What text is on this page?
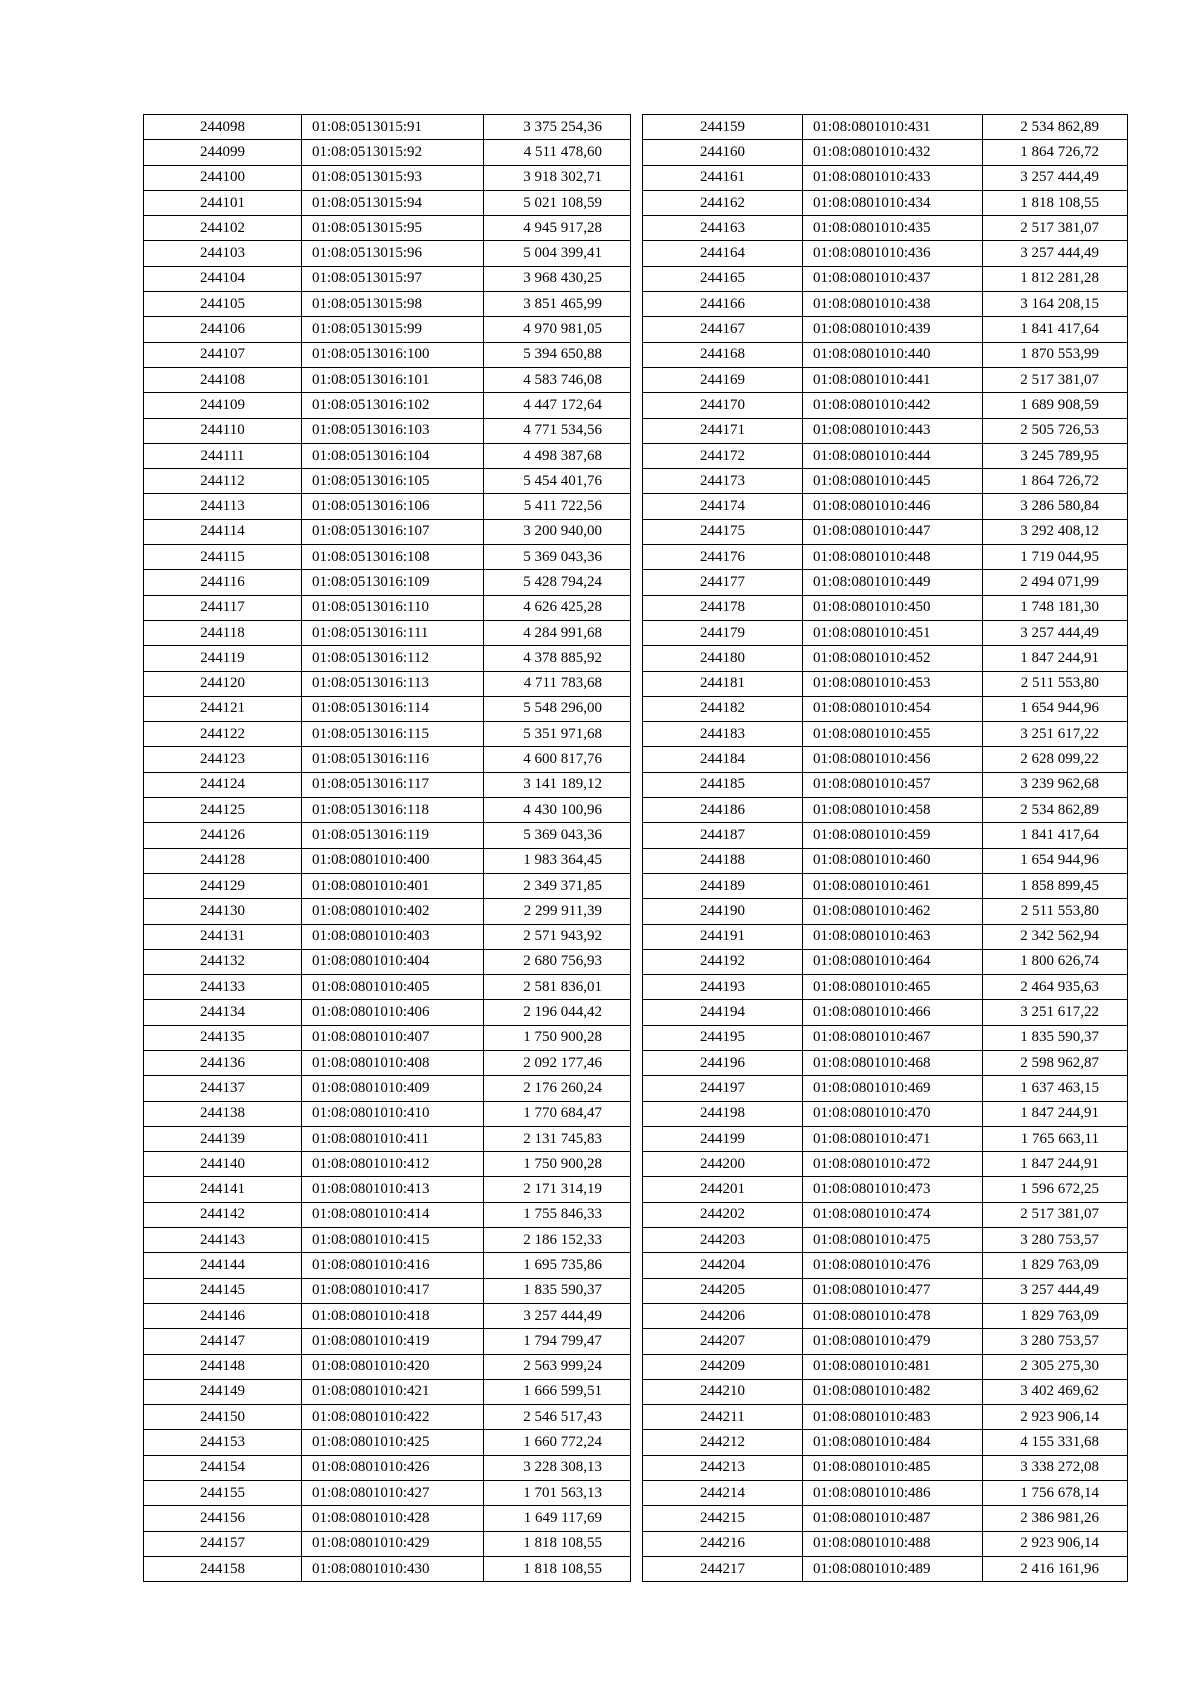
244098	01:08:0513015:91	3 375 254,36
244099	01:08:0513015:92	4 511 478,60
244100	01:08:0513015:93	3 918 302,71
244101	01:08:0513015:94	5 021 108,59
244102	01:08:0513015:95	4 945 917,28
244103	01:08:0513015:96	5 004 399,41
244104	01:08:0513015:97	3 968 430,25
244105	01:08:0513015:98	3 851 465,99
244106	01:08:0513015:99	4 970 981,05
244107	01:08:0513016:100	5 394 650,88
244108	01:08:0513016:101	4 583 746,08
244109	01:08:0513016:102	4 447 172,64
244110	01:08:0513016:103	4 771 534,56
244111	01:08:0513016:104	4 498 387,68
244112	01:08:0513016:105	5 454 401,76
244113	01:08:0513016:106	5 411 722,56
244114	01:08:0513016:107	3 200 940,00
244115	01:08:0513016:108	5 369 043,36
244116	01:08:0513016:109	5 428 794,24
244117	01:08:0513016:110	4 626 425,28
244118	01:08:0513016:111	4 284 991,68
244119	01:08:0513016:112	4 378 885,92
244120	01:08:0513016:113	4 711 783,68
244121	01:08:0513016:114	5 548 296,00
244122	01:08:0513016:115	5 351 971,68
244123	01:08:0513016:116	4 600 817,76
244124	01:08:0513016:117	3 141 189,12
244125	01:08:0513016:118	4 430 100,96
244126	01:08:0513016:119	5 369 043,36
244128	01:08:0801010:400	1 983 364,45
244129	01:08:0801010:401	2 349 371,85
244130	01:08:0801010:402	2 299 911,39
244131	01:08:0801010:403	2 571 943,92
244132	01:08:0801010:404	2 680 756,93
244133	01:08:0801010:405	2 581 836,01
244134	01:08:0801010:406	2 196 044,42
244135	01:08:0801010:407	1 750 900,28
244136	01:08:0801010:408	2 092 177,46
244137	01:08:0801010:409	2 176 260,24
244138	01:08:0801010:410	1 770 684,47
244139	01:08:0801010:411	2 131 745,83
244140	01:08:0801010:412	1 750 900,28
244141	01:08:0801010:413	2 171 314,19
244142	01:08:0801010:414	1 755 846,33
244143	01:08:0801010:415	2 186 152,33
244144	01:08:0801010:416	1 695 735,86
244145	01:08:0801010:417	1 835 590,37
244146	01:08:0801010:418	3 257 444,49
244147	01:08:0801010:419	1 794 799,47
244148	01:08:0801010:420	2 563 999,24
244149	01:08:0801010:421	1 666 599,51
244150	01:08:0801010:422	2 546 517,43
244153	01:08:0801010:425	1 660 772,24
244154	01:08:0801010:426	3 228 308,13
244155	01:08:0801010:427	1 701 563,13
244156	01:08:0801010:428	1 649 117,69
244157	01:08:0801010:429	1 818 108,55
244158	01:08:0801010:430	1 818 108,55
244159	01:08:0801010:431	2 534 862,89
244160	01:08:0801010:432	1 864 726,72
244161	01:08:0801010:433	3 257 444,49
244162	01:08:0801010:434	1 818 108,55
244163	01:08:0801010:435	2 517 381,07
244164	01:08:0801010:436	3 257 444,49
244165	01:08:0801010:437	1 812 281,28
244166	01:08:0801010:438	3 164 208,15
244167	01:08:0801010:439	1 841 417,64
244168	01:08:0801010:440	1 870 553,99
244169	01:08:0801010:441	2 517 381,07
244170	01:08:0801010:442	1 689 908,59
244171	01:08:0801010:443	2 505 726,53
244172	01:08:0801010:444	3 245 789,95
244173	01:08:0801010:445	1 864 726,72
244174	01:08:0801010:446	3 286 580,84
244175	01:08:0801010:447	3 292 408,12
244176	01:08:0801010:448	1 719 044,95
244177	01:08:0801010:449	2 494 071,99
244178	01:08:0801010:450	1 748 181,30
244179	01:08:0801010:451	3 257 444,49
244180	01:08:0801010:452	1 847 244,91
244181	01:08:0801010:453	2 511 553,80
244182	01:08:0801010:454	1 654 944,96
244183	01:08:0801010:455	3 251 617,22
244184	01:08:0801010:456	2 628 099,22
244185	01:08:0801010:457	3 239 962,68
244186	01:08:0801010:458	2 534 862,89
244187	01:08:0801010:459	1 841 417,64
244188	01:08:0801010:460	1 654 944,96
244189	01:08:0801010:461	1 858 899,45
244190	01:08:0801010:462	2 511 553,80
244191	01:08:0801010:463	2 342 562,94
244192	01:08:0801010:464	1 800 626,74
244193	01:08:0801010:465	2 464 935,63
244194	01:08:0801010:466	3 251 617,22
244195	01:08:0801010:467	1 835 590,37
244196	01:08:0801010:468	2 598 962,87
244197	01:08:0801010:469	1 637 463,15
244198	01:08:0801010:470	1 847 244,91
244199	01:08:0801010:471	1 765 663,11
244200	01:08:0801010:472	1 847 244,91
244201	01:08:0801010:473	1 596 672,25
244202	01:08:0801010:474	2 517 381,07
244203	01:08:0801010:475	3 280 753,57
244204	01:08:0801010:476	1 829 763,09
244205	01:08:0801010:477	3 257 444,49
244206	01:08:0801010:478	1 829 763,09
244207	01:08:0801010:479	3 280 753,57
244209	01:08:0801010:481	2 305 275,30
244210	01:08:0801010:482	3 402 469,62
244211	01:08:0801010:483	2 923 906,14
244212	01:08:0801010:484	4 155 331,68
244213	01:08:0801010:485	3 338 272,08
244214	01:08:0801010:486	1 756 678,14
244215	01:08:0801010:487	2 386 981,26
244216	01:08:0801010:488	2 923 906,14
244217	01:08:0801010:489	2 416 161,96
